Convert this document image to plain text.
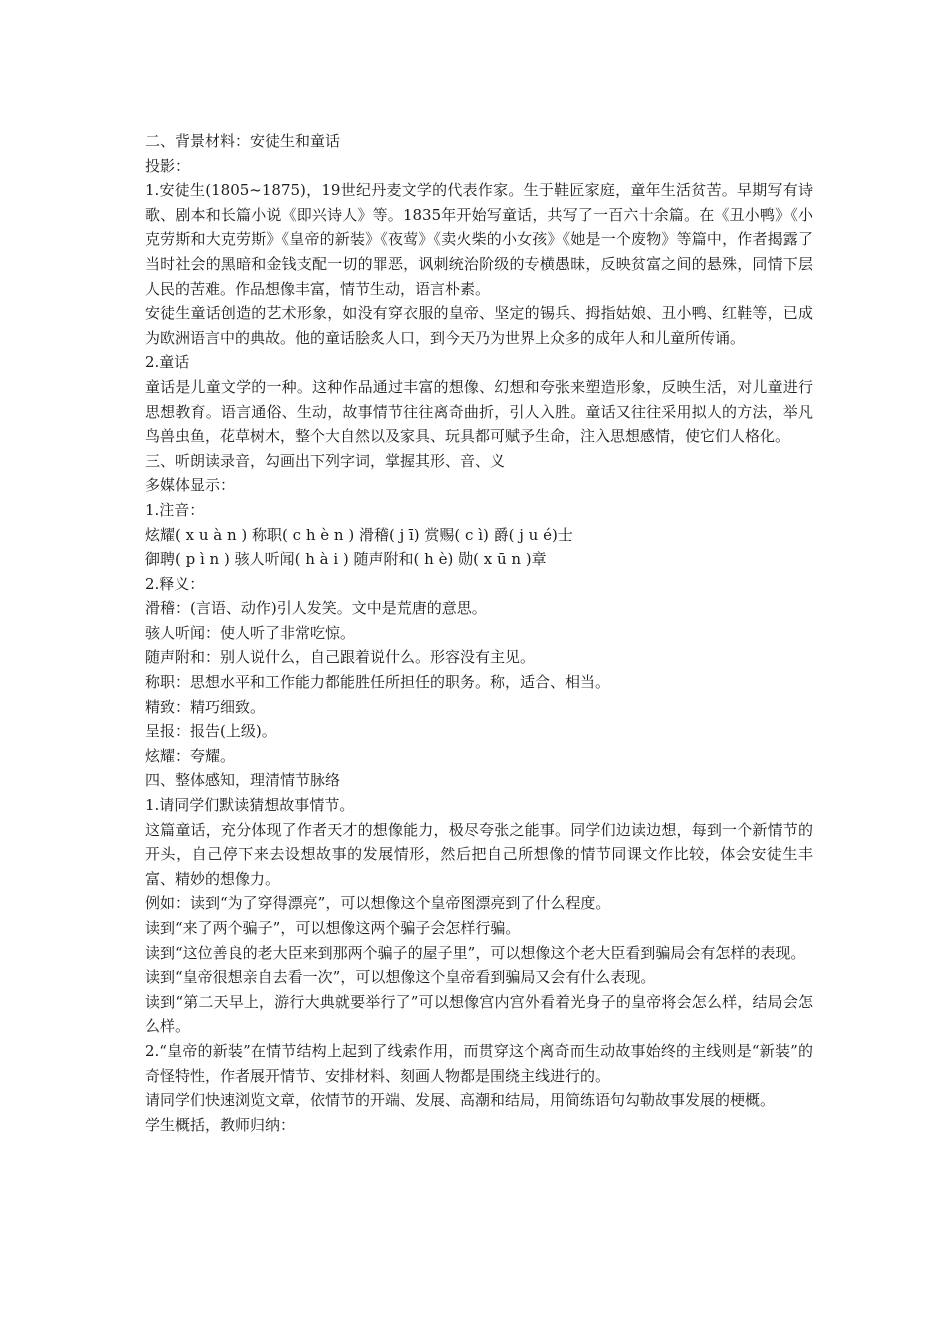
二、背景材料：安徒生和童话

投影：

1.安徒生(1805~1875)，19世纪丹麦文学的代表作家。生于鞋匠家庭，童年生活贫苦。早期写有诗歌、剧本和长篇小说《即兴诗人》等。1835年开始写童话，共写了一百六十余篇。在《丑小鸭》《小克劳斯和大克劳斯》《皇帝的新装》《夜莺》《卖火柴的小女孩》《她是一个废物》等篇中，作者揭露了当时社会的黑暗和金钱支配一切的罪恶，讽刺统治阶级的专横愚昧，反映贫富之间的悬殊，同情下层人民的苦难。作品想像丰富，情节生动，语言朴素。

安徒生童话创造的艺术形象，如没有穿衣服的皇帝、坚定的锡兵、拇指姑娘、丑小鸭、红鞋等，已成为欧洲语言中的典故。他的童话脍炙人口，到今天乃为世界上众多的成年人和儿童所传诵。

2.童话

童话是儿童文学的一种。这种作品通过丰富的想像、幻想和夸张来塑造形象，反映生活，对儿童进行思想教育。语言通俗、生动，故事情节往往离奇曲折，引人入胜。童话又往往采用拟人的方法，举凡鸟兽虫鱼，花草树木，整个大自然以及家具、玩具都可赋予生命，注入思想感情，使它们人格化。

三、听朗读录音，勾画出下列字词，掌握其形、音、义

多媒体显示：

1.注音：

炫耀( x u à n ) 称职( c h è n ) 滑稽( j ī) 赏赐( c ì) 爵( j u é)士

御聘( p ì n ) 骇人听闻( h à i ) 随声附和( h è) 勋( x ū n )章

2.释义：

滑稽：(言语、动作)引人发笑。文中是荒唐的意思。

骇人听闻：使人听了非常吃惊。

随声附和：别人说什么，自己跟着说什么。形容没有主见。

称职：思想水平和工作能力都能胜任所担任的职务。称，适合、相当。

精致：精巧细致。

呈报：报告(上级)。

炫耀：夸耀。

四、整体感知，理清情节脉络

1.请同学们默读猜想故事情节。

这篇童话，充分体现了作者天才的想像能力，极尽夸张之能事。同学们边读边想，每到一个新情节的开头，自己停下来去设想故事的发展情形，然后把自己所想像的情节同课文作比较，体会安徒生丰富、精妙的想像力。

例如：读到“为了穿得漂亮”，可以想像这个皇帝图漂亮到了什么程度。

读到“来了两个骗子”，可以想像这两个骗子会怎样行骗。

读到“这位善良的老大臣来到那两个骗子的屋子里”，可以想像这个老大臣看到骗局会有怎样的表现。

读到“皇帝很想亲自去看一次”，可以想像这个皇帝看到骗局又会有什么表现。

读到“第二天早上，游行大典就要举行了”可以想像宫内宫外看着光身子的皇帝将会怎么样，结局会怎么样。

2.“皇帝的新装”在情节结构上起到了线索作用，而贯穿这个离奇而生动故事始终的主线则是“新装”的奇怪特性，作者展开情节、安排材料、刻画人物都是围绕主线进行的。

请同学们快速浏览文章，依情节的开端、发展、高潮和结局，用简练语句勾勒故事发展的梗概。

学生概括，教师归纳：
